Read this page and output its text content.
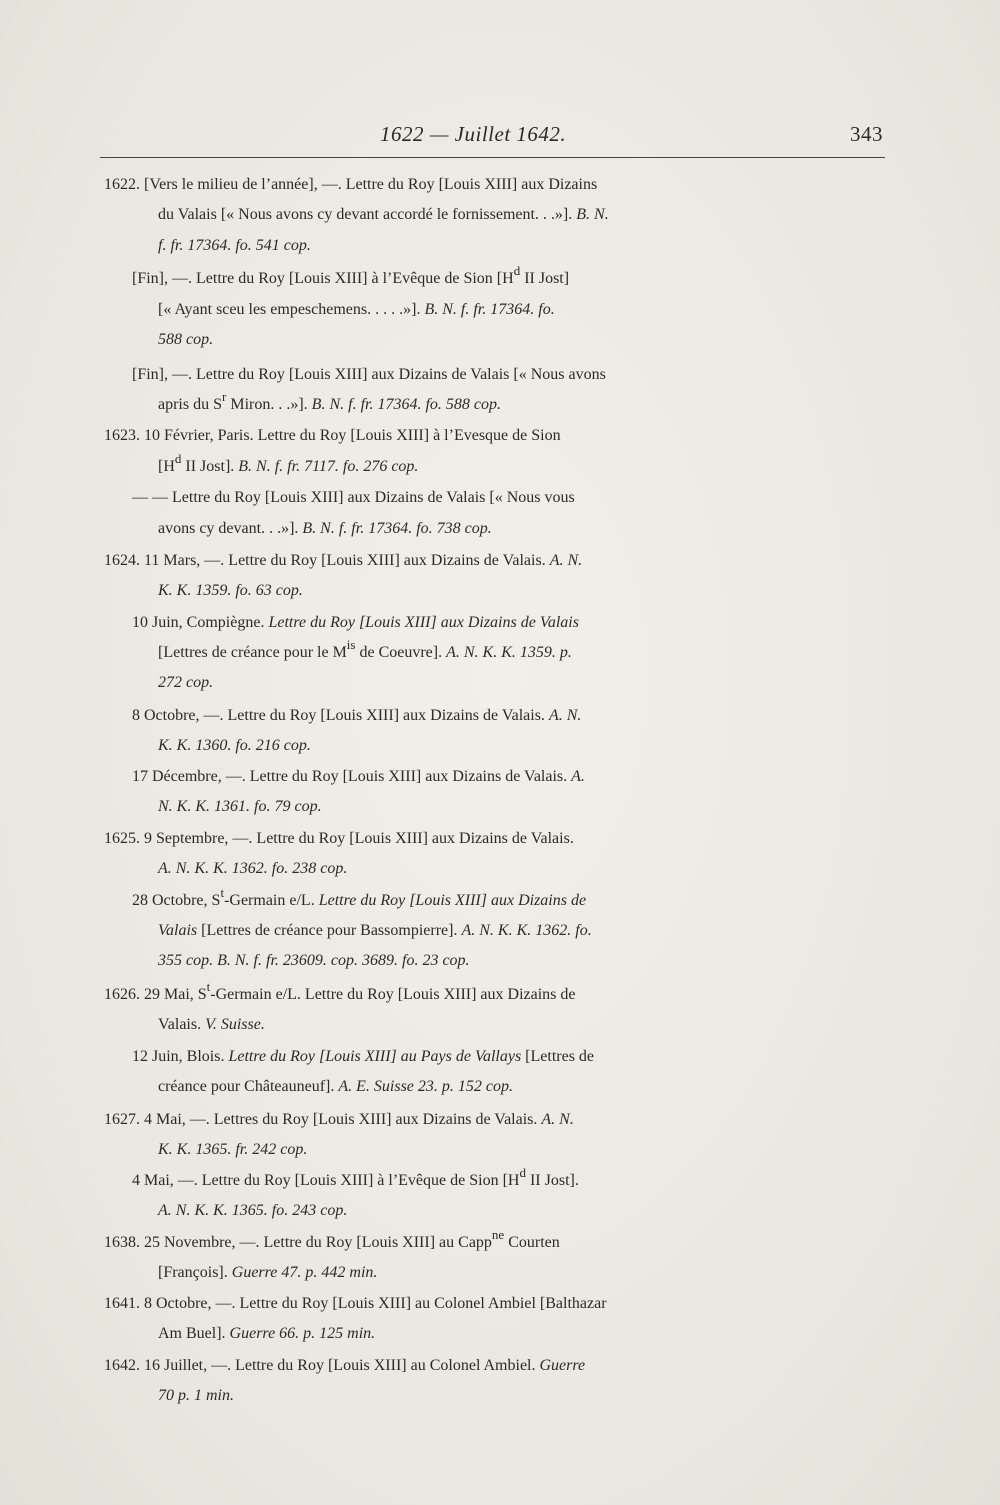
1622 — Juillet 1642.	343
1622. [Vers le milieu de l’année], —. Lettre du Roy [Louis XIII] aux Dizains
du Valais [« Nous avons cy devant accordé le fornissement. . .»]. B. N.
f. fr. 17364. fo. 541 cop.
[Fin], —. Lettre du Roy [Louis XIII] à l’Evêque de Sion [$H^d$ II Jost]
[« Ayant sceu les empeschemens. . . . .»]. B. N. f. fr. 17364. fo.
588 cop.
[Fin], —. Lettre du Roy [Louis XIII] aux Dizains de Valais [« Nous avons
apris du $S^r$ Miron. . .»]. B. N. f. fr. 17364. fo. 588 cop.
1623. 10 Février, Paris. Lettre du Roy [Louis XIII] à l’Evesque de Sion
[$H^d$ II Jost]. B. N. f. fr. 7117. fo. 276 cop.
— — Lettre du Roy [Louis XIII] aux Dizains de Valais [« Nous vous
avons cy devant. . .»]. B. N. f. fr. 17364. fo. 738 cop.
1624. 11 Mars, —. Lettre du Roy [Louis XIII] aux Dizains de Valais. A. N.
K. K. 1359. fo. 63 cop.
10 Juin, Compiègne. Lettre du Roy [Louis XIII] aux Dizains de Valais
[Lettres de créance pour le $M^{is}$ de Coeuvre]. A. N. K. K. 1359. p.
272 cop.
8 Octobre, —. Lettre du Roy [Louis XIII] aux Dizains de Valais. A. N.
K. K. 1360. fo. 216 cop.
17 Décembre, —. Lettre du Roy [Louis XIII] aux Dizains de Valais. A.
N. K. K. 1361. fo. 79 cop.
1625. 9 Septembre, —. Lettre du Roy [Louis XIII] aux Dizains de Valais.
A. N. K. K. 1362. fo. 238 cop.
28 Octobre, $S^t$-Germain e/L. Lettre du Roy [Louis XIII] aux Dizains de
Valais [Lettres de créance pour Bassompierre]. A. N. K. K. 1362. fo.
355 cop. B. N. f. fr. 23609. cop. 3689. fo. 23 cop.
1626. 29 Mai, $S^t$-Germain e/L. Lettre du Roy [Louis XIII] aux Dizains de
Valais. V. Suisse.
12 Juin, Blois. Lettre du Roy [Louis XIII] au Pays de Vallays [Lettres de
créance pour Châteauneuf]. A. E. Suisse 23. p. 152 cop.
1627. 4 Mai, —. Lettres du Roy [Louis XIII] aux Dizains de Valais. A. N.
K. K. 1365. fr. 242 cop.
4 Mai, —. Lettre du Roy [Louis XIII] à l’Evêque de Sion [$H^d$ II Jost].
A. N. K. K. 1365. fo. 243 cop.
1638. 25 Novembre, —. Lettre du Roy [Louis XIII] au Capp$^{ne}$ Courten
[François]. Guerre 47. p. 442 min.
1641. 8 Octobre, —. Lettre du Roy [Louis XIII] au Colonel Ambiel [Balthazar
Am Buel]. Guerre 66. p. 125 min.
1642. 16 Juillet, —. Lettre du Roy [Louis XIII] au Colonel Ambiel. Guerre
70 p. 1 min.
